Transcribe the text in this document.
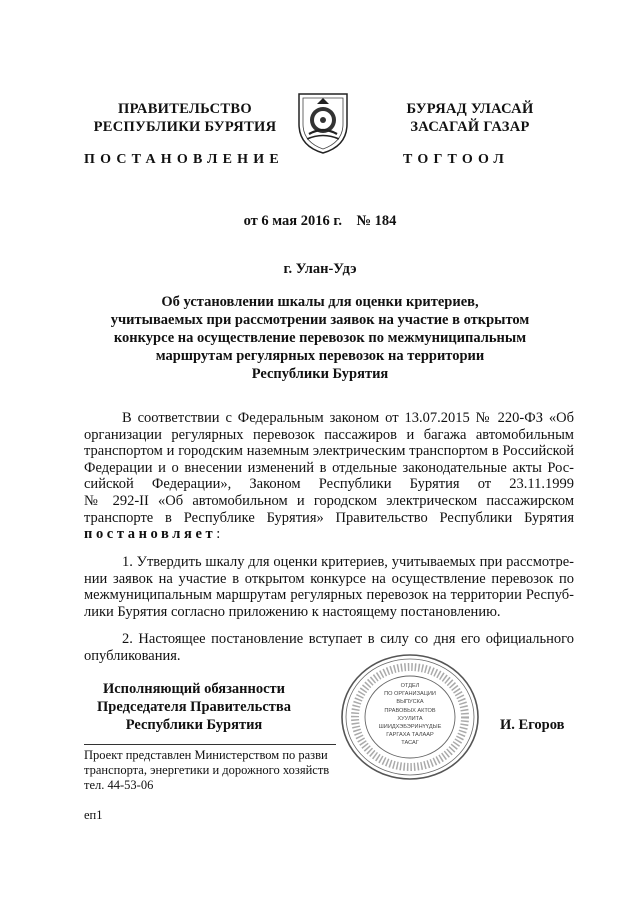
ПРАВИТЕЛЬСТВО
РЕСПУБЛИКИ БУРЯТИЯ
БУРЯАД УЛАСАЙ
ЗАСАГАЙ ГАЗАР
ПОСТАНОВЛЕНИЕ	ТОГТООЛ
от 6 мая 2016 г.    № 184
г. Улан-Удэ
Об установлении шкалы для оценки критериев,
учитываемых при рассмотрении заявок на участие в открытом
конкурсе на осуществление перевозок по межмуниципальным
маршрутам регулярных перевозок на территории
Республики Бурятия
В соответствии с Федеральным законом от 13.07.2015 № 220-ФЗ «Об
организации регулярных перевозок пассажиров и багажа автомобильным
транспортом и городским наземным электрическим транспортом в Российской
Федерации и о внесении изменений в отдельные законодательные акты Рос-
сийской Федерации», Законом Республики Бурятия от 23.11.1999
№ 292-II «Об автомобильном и городском электрическом пассажирском
транспорте в Республике Бурятия» Правительство Республики Бурятия
постановляет:
1. Утвердить шкалу для оценки критериев, учитываемых при рассмотре-
нии заявок на участие в открытом конкурсе на осуществление перевозок по
межмуниципальным маршрутам регулярных перевозок на территории Респуб-
лики Бурятия согласно приложению к настоящему постановлению.
2. Настоящее постановление вступает в силу со дня его официального
опубликования.
Исполняющий обязанности
Председателя Правительства
Республики Бурятия	И. Егоров
ОТДЕЛ
ПО ОРГАНИЗАЦИИ
ВЫПУСКА
ПРАВОВЫХ АКТОВ
ХУУЛИТА
ШИИДХЭБЭРИНҮҮДЫЕ
ГАРГАХА ТАЛААР
ТАСАГ
Проект представлен Министерством по разви
транспорта, энергетики и дорожного хозяйств
тел. 44-53-06
еп1
